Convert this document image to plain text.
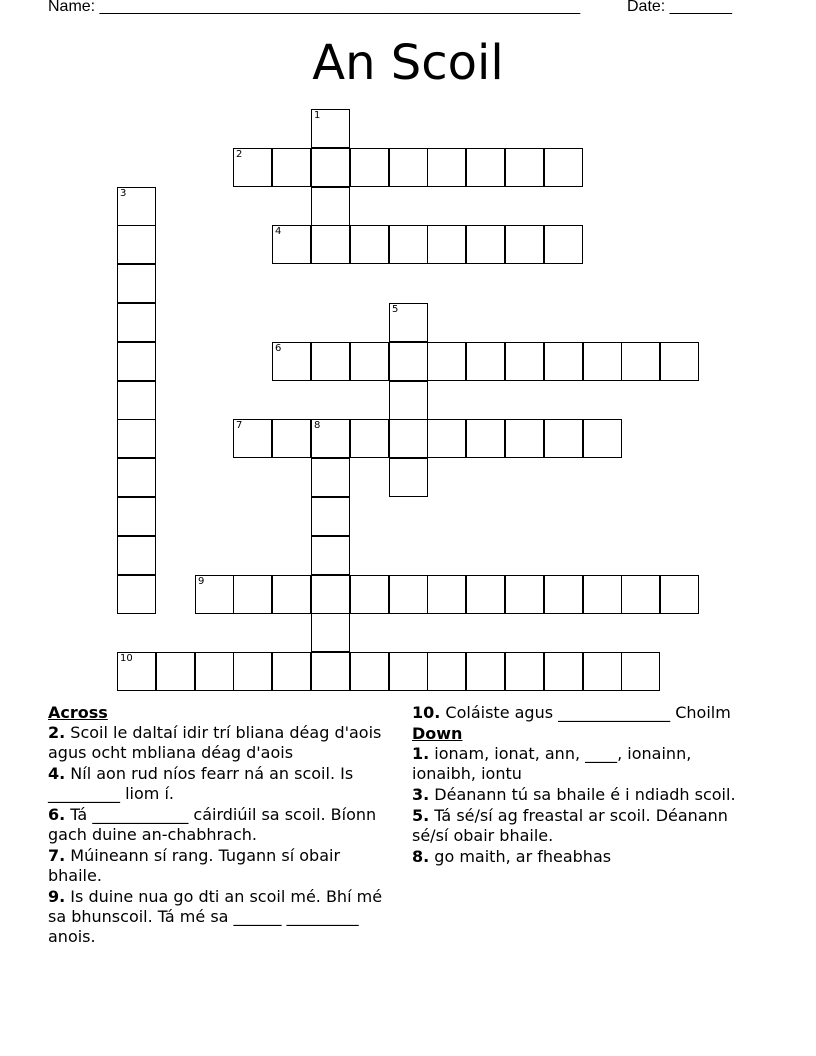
Name: ______________________________________________________	Date: _______
An Scoil
1
2
3
4
5
6
7	8
9
10
Across
2. Scoil le daltaí idir trí bliana déag d'aois agus ocht mbliana déag d'aois
4. Níl aon rud níos fearr ná an scoil. Is _________ liom í.
6. Tá ____________ cáirdiúil sa scoil. Bíonn gach duine an-chabhrach.
7. Múineann sí rang. Tugann sí obair bhaile.
9. Is duine nua go dti an scoil mé. Bhí mé sa bhunscoil. Tá mé sa ______ _________ anois.
10. Coláiste agus ______________ Choilm
Down
1. ionam, ionat, ann, ____, ionainn, ionaibh, iontu
3. Déanann tú sa bhaile é i ndiadh scoil.
5. Tá sé/sí ag freastal ar scoil. Déanann sé/sí obair bhaile.
8. go maith, ar fheabhas
